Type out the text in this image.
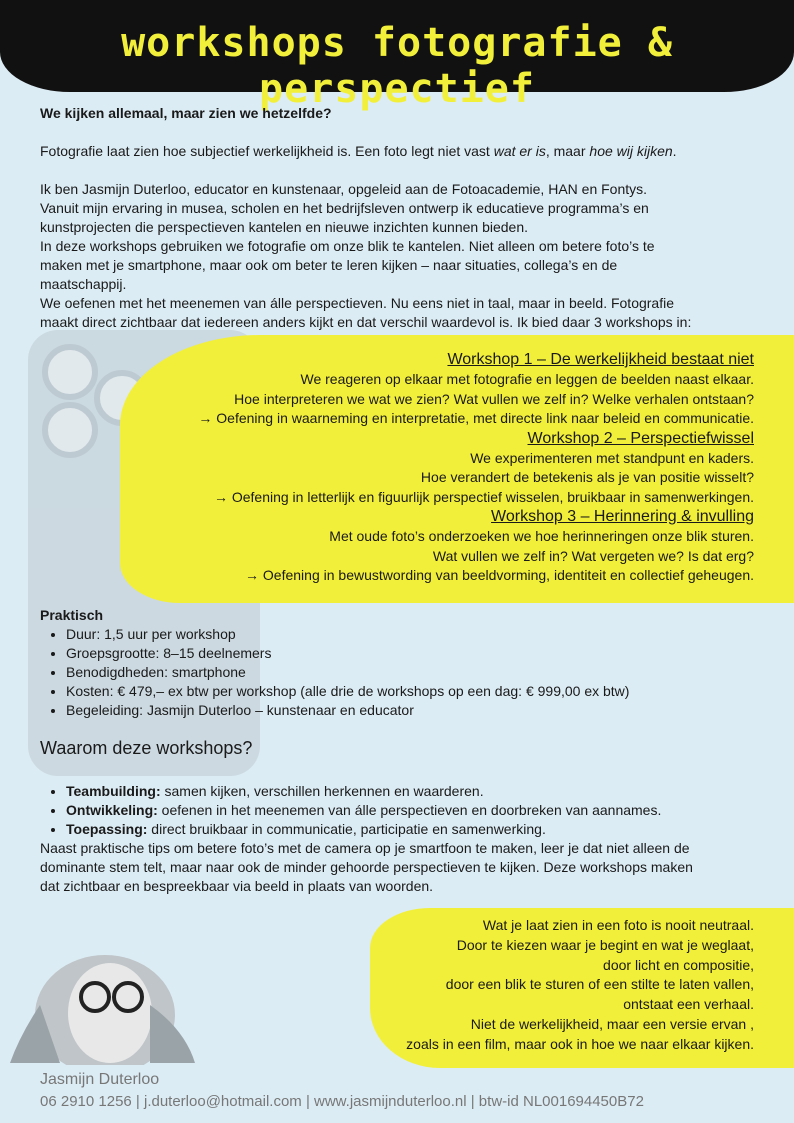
workshops fotografie & perspectief
We kijken allemaal, maar zien we hetzelfde?
Fotografie laat zien hoe subjectief werkelijkheid is. Een foto legt niet vast wat er is, maar hoe wij kijken.
Ik ben Jasmijn Duterloo, educator en kunstenaar, opgeleid aan de Fotoacademie, HAN en Fontys.
Vanuit mijn ervaring in musea, scholen en het bedrijfsleven ontwerp ik educatieve programma’s en
kunstprojecten die perspectieven kantelen en nieuwe inzichten kunnen bieden.
In deze workshops gebruiken we fotografie om onze blik te kantelen. Niet alleen om betere foto’s te
maken met je smartphone, maar ook om beter te leren kijken – naar situaties, collega’s en de
maatschappij.
We oefenen met het meenemen van álle perspectieven. Nu eens niet in taal, maar in beeld. Fotografie
maakt direct zichtbaar dat iedereen anders kijkt en dat verschil waardevol is. Ik bied daar 3 workshops in:
Workshop 1 – De werkelijkheid bestaat niet
We reageren op elkaar met fotografie en leggen de beelden naast elkaar.
Hoe interpreteren we wat we zien? Wat vullen we zelf in? Welke verhalen ontstaan?
→ Oefening in waarneming en interpretatie, met directe link naar beleid en communicatie.
Workshop 2 – Perspectiefwissel
We experimenteren met standpunt en kaders.
Hoe verandert de betekenis als je van positie wisselt?
→ Oefening in letterlijk en figuurlijk perspectief wisselen, bruikbaar in samenwerkingen.
Workshop 3 – Herinnering & invulling
Met oude foto’s onderzoeken we hoe herinneringen onze blik sturen.
Wat vullen we zelf in? Wat vergeten we? Is dat erg?
→ Oefening in bewustwording van beeldvorming, identiteit en collectief geheugen.
Praktisch
• Duur: 1,5 uur per workshop
• Groepsgrootte: 8–15 deelnemers
• Benodigdheden: smartphone
• Kosten: € 479,– ex btw per workshop (alle drie de workshops op een dag: € 999,00 ex btw)
• Begeleiding: Jasmijn Duterloo – kunstenaar en educator
Waarom deze workshops?
• Teambuilding: samen kijken, verschillen herkennen en waarderen.
• Ontwikkeling: oefenen in het meenemen van álle perspectieven en doorbreken van aannames.
• Toepassing: direct bruikbaar in communicatie, participatie en samenwerking.
Naast praktische tips om betere foto’s met de camera op je smartfoon te maken, leer je dat niet alleen de
dominante stem telt, maar naar ook de minder gehoorde perspectieven te kijken. Deze workshops maken
dat zichtbaar en bespreekbaar via beeld in plaats van woorden.
Wat je laat zien in een foto is nooit neutraal.
Door te kiezen waar je begint en wat je weglaat,
door licht en compositie,
door een blik te sturen of een stilte te laten vallen,
ontstaat een verhaal.
Niet de werkelijkheid, maar een versie ervan ,
zoals in een film, maar ook in hoe we naar elkaar kijken.
Jasmijn Duterloo
06 2910 1256 | j.duterloo@hotmail.com | www.jasmijnduterloo.nl | btw-id NL001694450B72
